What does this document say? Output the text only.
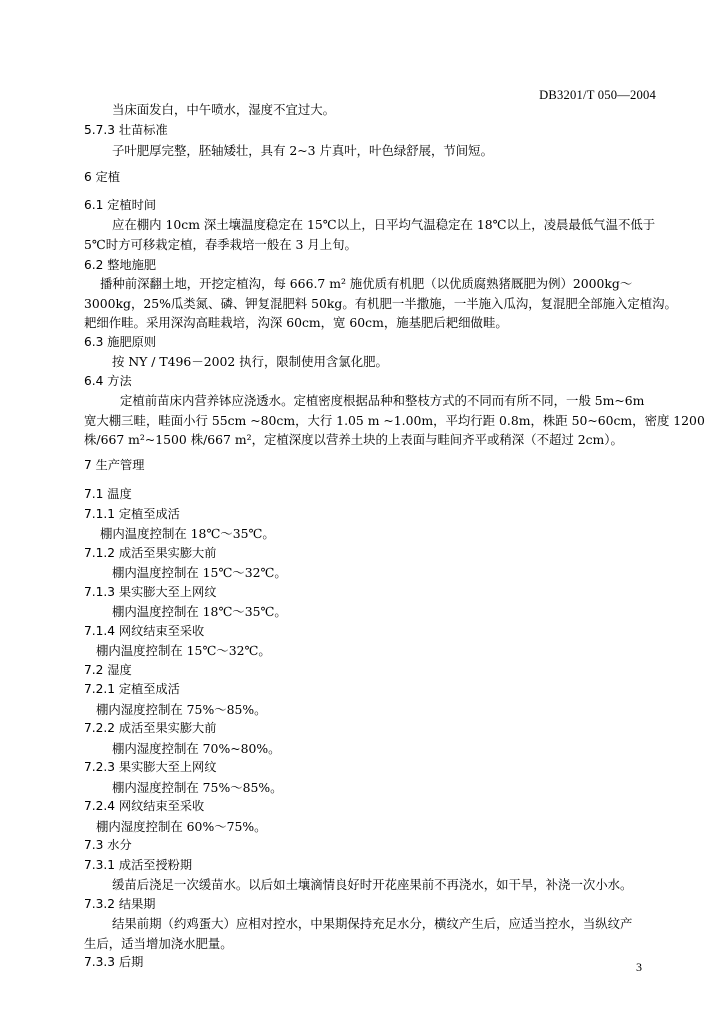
DB3201/T 050—2004
当床面发白，中午喷水，湿度不宜过大。
5.7.3 壮苗标准
子叶肥厚完整，胚轴矮壮，具有 2~3 片真叶，叶色绿舒展，节间短。
6 定植
6.1 定植时间
应在棚内 10cm 深土壤温度稳定在 15℃以上，日平均气温稳定在 18℃以上，凌晨最低气温不低于
5℃时方可移栽定植，春季栽培一般在 3 月上旬。
6.2 整地施肥
播种前深翻土地，开挖定植沟，每 666.7 m² 施优质有机肥（以优质腐熟猪厩肥为例）2000kg～
3000kg，25%瓜类氮、磷、钾复混肥料 50kg。有机肥一半撒施，一半施入瓜沟，复混肥全部施入定植沟。
耙细作畦。采用深沟高畦栽培，沟深 60cm，宽 60cm，施基肥后耙细做畦。
6.3 施肥原则
按 NY / T496－2002 执行，限制使用含氯化肥。
6.4 方法
定植前苗床内营养钵应浇透水。定植密度根据品种和整枝方式的不同而有所不同，一般 5m~6m
宽大棚三畦，畦面小行 55cm ~80cm，大行 1.05 m ~1.00m，平均行距 0.8m，株距 50~60cm，密度 1200
株/667 m²~1500 株/667 m²，定植深度以营养土块的上表面与畦间齐平或稍深（不超过 2cm）。
7 生产管理
7.1 温度
7.1.1 定植至成活
棚内温度控制在 18℃～35℃。
7.1.2 成活至果实膨大前
棚内温度控制在 15℃～32℃。
7.1.3 果实膨大至上网纹
棚内温度控制在 18℃～35℃。
7.1.4 网纹结束至采收
棚内温度控制在 15℃～32℃。
7.2 湿度
7.2.1 定植至成活
棚内湿度控制在 75%～85%。
7.2.2 成活至果实膨大前
棚内湿度控制在 70%~80%。
7.2.3 果实膨大至上网纹
棚内湿度控制在 75%～85%。
7.2.4 网纹结束至采收
棚内湿度控制在 60%～75%。
7.3 水分
7.3.1 成活至授粉期
缓苗后浇足一次缓苗水。以后如土壤滴情良好时开花座果前不再浇水，如干旱，补浇一次小水。
7.3.2 结果期
结果前期（约鸡蛋大）应相对控水，中果期保持充足水分，横纹产生后，应适当控水，当纵纹产
生后，适当增加浇水肥量。
7.3.3 后期	3
